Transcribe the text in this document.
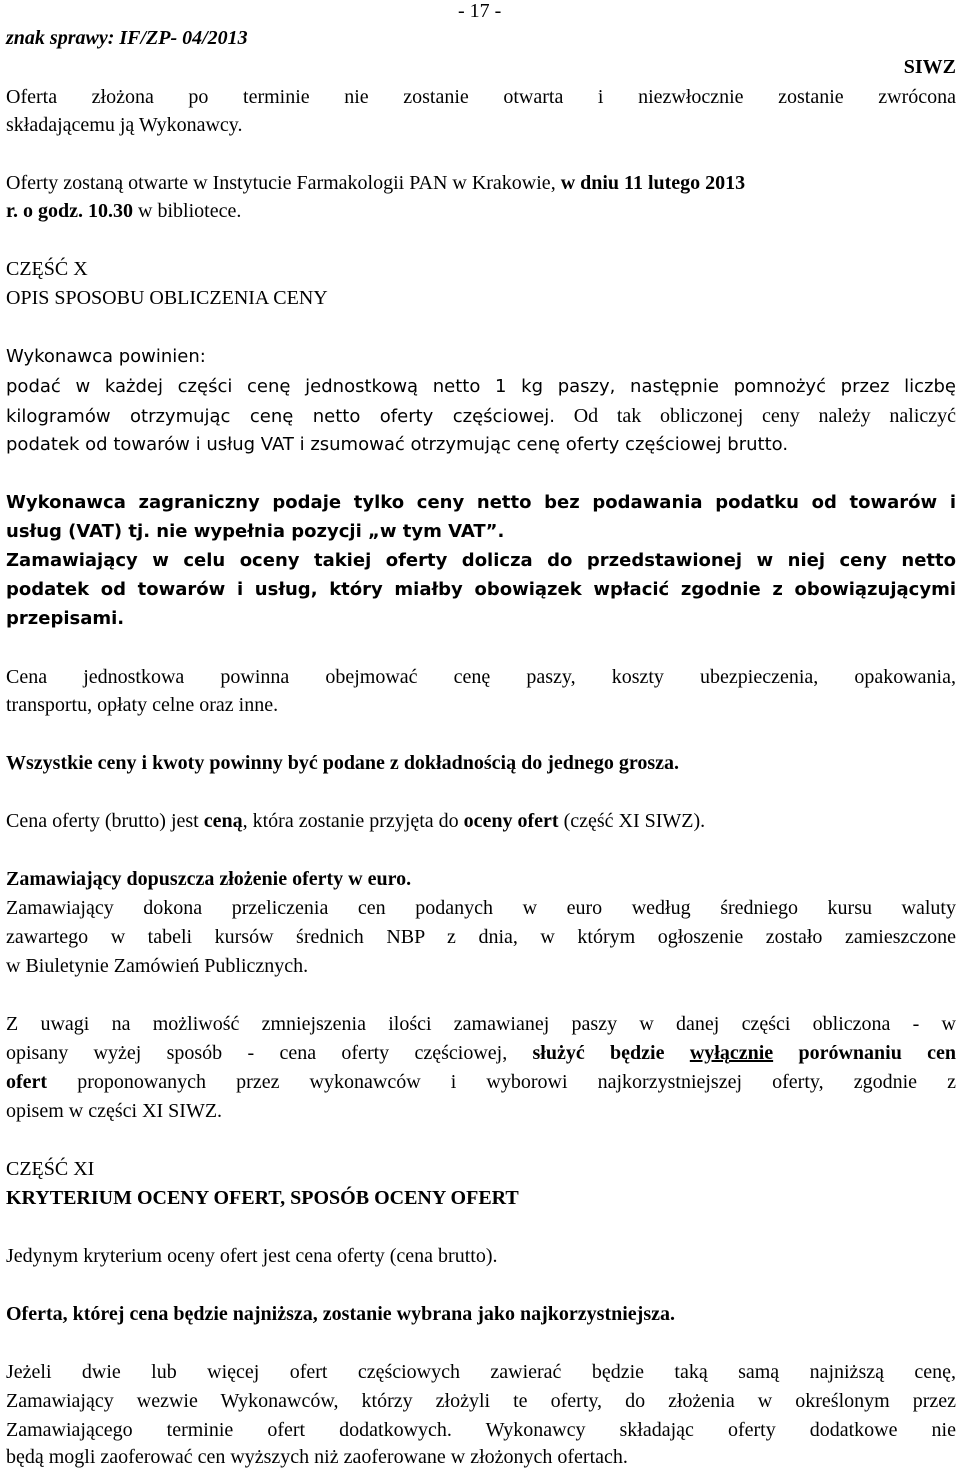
znak sprawy: IF/ZP- 04/2013
- 17 -
SIWZ
Oferta złożona po terminie nie zostanie otwarta i niezwłocznie zostanie zwrócona
składającemu ją Wykonawcy.
Oferty zostaną otwarte w Instytucie Farmakologii PAN w Krakowie, w dniu 11 lutego 2013
r. o godz. 10.30 w bibliotece.
CZĘŚĆ X
OPIS SPOSOBU OBLICZENIA CENY
Wykonawca powinien:
podać w każdej części cenę jednostkową netto 1 kg paszy, następnie pomnożyć przez liczbę
kilogramów otrzymując cenę netto oferty częściowej. Od tak obliczonej ceny należy naliczyć
podatek od towarów i usług VAT i zsumować otrzymując cenę oferty częściowej brutto.
Wykonawca zagraniczny podaje tylko ceny netto bez podawania podatku od towarów i
usług (VAT) tj. nie wypełnia pozycji „w tym VAT”.
Zamawiający w celu oceny takiej oferty dolicza do przedstawionej w niej ceny netto
podatek od towarów i usług, który miałby obowiązek wpłacić zgodnie z obowiązującymi
przepisami.
Cena jednostkowa powinna obejmować cenę paszy, koszty ubezpieczenia, opakowania,
transportu, opłaty celne oraz inne.
Wszystkie ceny i kwoty powinny być podane z dokładnością do jednego grosza.
Cena oferty (brutto) jest ceną, która zostanie przyjęta do oceny ofert (część XI SIWZ).
Zamawiający dopuszcza złożenie oferty w euro.
Zamawiający dokona przeliczenia cen podanych w euro według średniego kursu waluty
zawartego w tabeli kursów średnich NBP z dnia, w którym ogłoszenie zostało zamieszczone
w Biuletynie Zamówień Publicznych.
Z uwagi na możliwość zmniejszenia ilości zamawianej paszy w danej części obliczona - w
opisany wyżej sposób - cena oferty częściowej, służyć będzie wyłącznie porównaniu cen
ofert proponowanych przez wykonawców i wyborowi najkorzystniejszej oferty, zgodnie z
opisem w części XI SIWZ.
CZĘŚĆ XI
KRYTERIUM OCENY OFERT, SPOSÓB OCENY OFERT
Jedynym kryterium oceny ofert jest cena oferty (cena brutto).
Oferta, której cena będzie najniższa, zostanie wybrana jako najkorzystniejsza.
Jeżeli dwie lub więcej ofert częściowych zawierać będzie taką samą najniższą cenę,
Zamawiający wezwie Wykonawców, którzy złożyli te oferty, do złożenia w określonym przez
Zamawiającego terminie ofert dodatkowych. Wykonawcy składając oferty dodatkowe nie
będą mogli zaoferować cen wyższych niż zaoferowane w złożonych ofertach.
